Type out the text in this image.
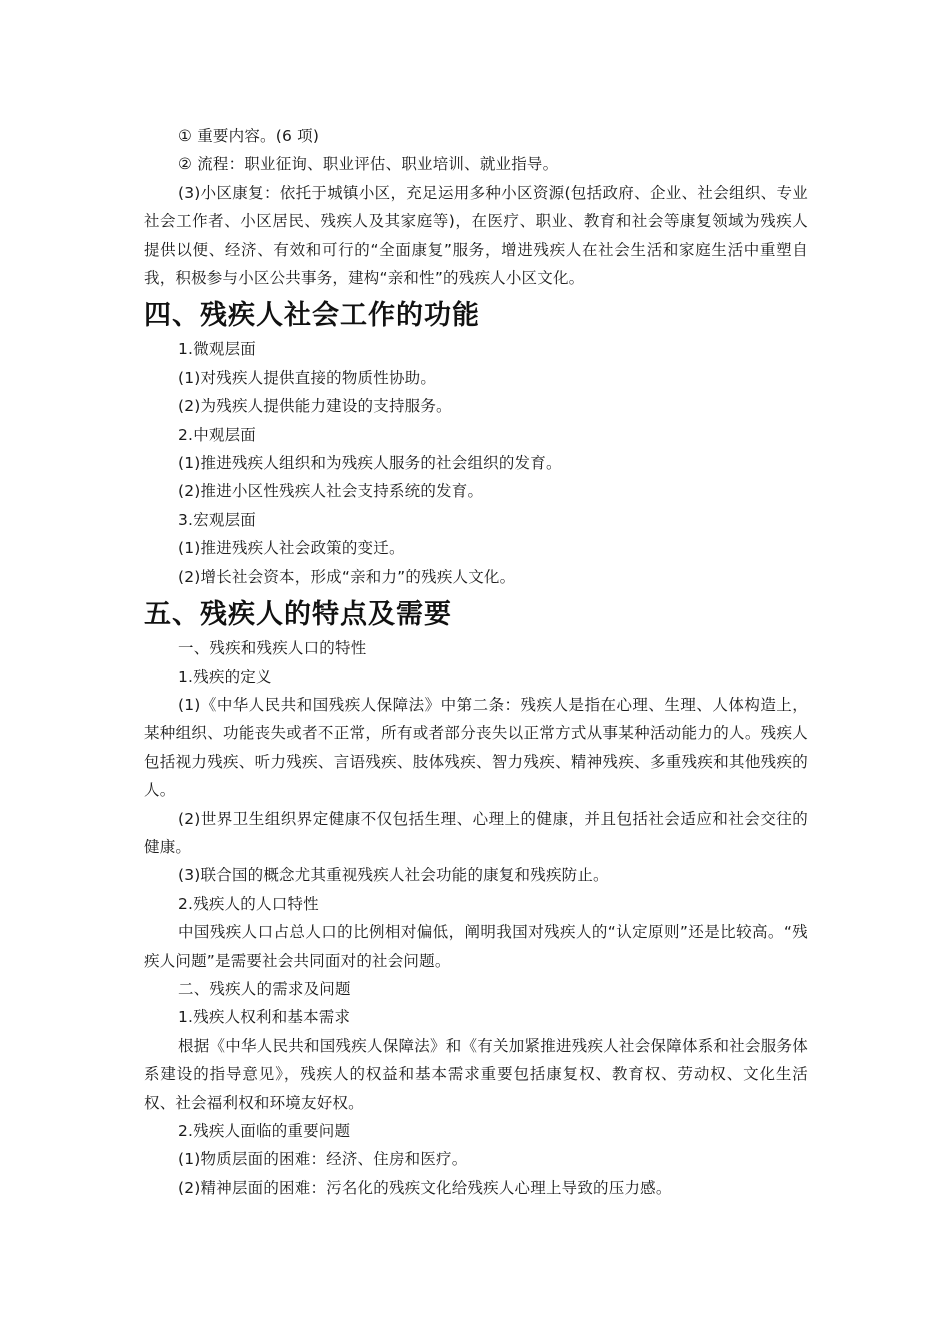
① 重要内容。(6 项)

② 流程：职业征询、职业评估、职业培训、就业指导。

(3)小区康复：依托于城镇小区，充足运用多种小区资源(包括政府、企业、社会组织、专业社会工作者、小区居民、残疾人及其家庭等)，在医疗、职业、教育和社会等康复领域为残疾人提供以便、经济、有效和可行的“全面康复”服务，增进残疾人在社会生活和家庭生活中重塑自我，积极参与小区公共事务，建构“亲和性”的残疾人小区文化。

四、残疾人社会工作的功能

1.微观层面

(1)对残疾人提供直接的物质性协助。

(2)为残疾人提供能力建设的支持服务。

2.中观层面

(1)推进残疾人组织和为残疾人服务的社会组织的发育。

(2)推进小区性残疾人社会支持系统的发育。

3.宏观层面

(1)推进残疾人社会政策的变迁。

(2)增长社会资本，形成“亲和力”的残疾人文化。

五、残疾人的特点及需要

一、残疾和残疾人口的特性

1.残疾的定义

(1)《中华人民共和国残疾人保障法》中第二条：残疾人是指在心理、生理、人体构造上，某种组织、功能丧失或者不正常，所有或者部分丧失以正常方式从事某种活动能力的人。残疾人包括视力残疾、听力残疾、言语残疾、肢体残疾、智力残疾、精神残疾、多重残疾和其他残疾的人。

(2)世界卫生组织界定健康不仅包括生理、心理上的健康，并且包括社会适应和社会交往的健康。

(3)联合国的概念尤其重视残疾人社会功能的康复和残疾防止。

2.残疾人的人口特性

中国残疾人口占总人口的比例相对偏低，阐明我国对残疾人的“认定原则”还是比较高。“残疾人问题”是需要社会共同面对的社会问题。

二、残疾人的需求及问题

1.残疾人权利和基本需求

根据《中华人民共和国残疾人保障法》和《有关加紧推进残疾人社会保障体系和社会服务体系建设的指导意见》，残疾人的权益和基本需求重要包括康复权、教育权、劳动权、文化生活权、社会福利权和环境友好权。

2.残疾人面临的重要问题

(1)物质层面的困难：经济、住房和医疗。

(2)精神层面的困难：污名化的残疾文化给残疾人心理上导致的压力感。
